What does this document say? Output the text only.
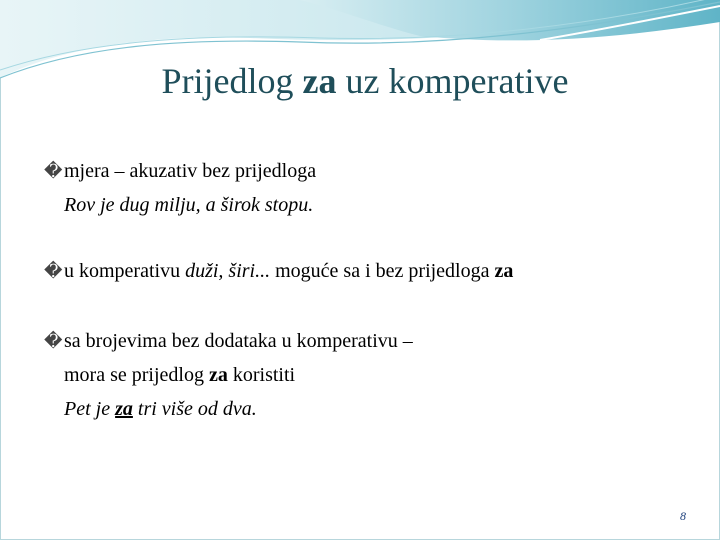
Prijedlog za uz komperative
�mjera – akuzativ bez prijedloga
Rov je dug milju, a širok stopu.
�u komperativu duži, širi... moguće sa i bez prijedloga za
�sa brojevima bez dodataka u komperativu –
mora se prijedlog za koristiti
Pet je za tri više od dva.
8
